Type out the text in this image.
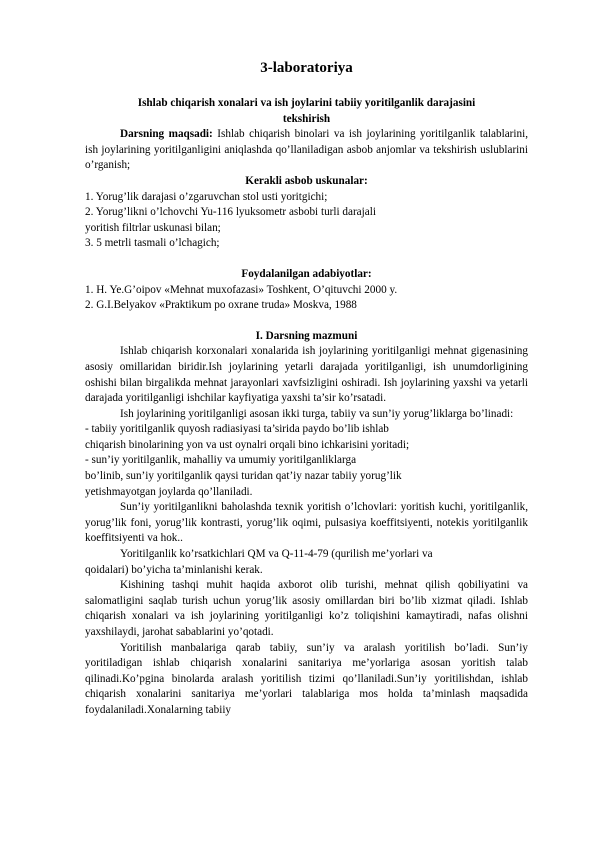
3-laboratoriya
Ishlab chiqarish xonalari va ish joylarini tabiiy yoritilganlik darajasini
tekshirish

Darsning maqsadi: Ishlab chiqarish binolari va ish joylarining yoritilganlik talablarini, ish joylarining yoritilganligini aniqlashda qo’llaniladigan asbob anjomlar va tekshirish uslublarini o’rganish;

Kerakli asbob uskunalar:
1. Yorug’lik darajasi o’zgaruvchan stol usti yoritgichi;
2. Yorug’likni o’lchovchi Yu-116 lyuksometr asbobi turli darajali
yoritish filtrlar uskunasi bilan;
3. 5 metrli tasmali o’lchagich;
Foydalanilgan adabiyotlar:
1. H. Ye.G’oipov «Mehnat muxofazasi» Toshkent, O’qituvchi 2000 y.
2. G.I.Belyakov «Praktikum po oxrane truda» Moskva, 1988
I. Darsning mazmuni

Ishlab chiqarish korxonalari xonalarida ish joylarining yoritilganligi mehnat gigenasining asosiy omillaridan biridir.Ish joylarining yetarli darajada yoritilganligi, ish unumdorligining oshishi bilan birgalikda mehnat jarayonlari xavfsizligini oshiradi. Ish joylarining yaxshi va yetarli darajada yoritilganligi ishchilar kayfiyatiga yaxshi ta’sir ko’rsatadi.

Ish joylarining yoritilganligi asosan ikki turga, tabiiy va sun’iy yorug’liklarga bo’linadi:

- tabiiy yoritilganlik quyosh radiasiyasi ta’sirida paydo bo’lib ishlab
chiqarish binolarining yon va ust oynalri orqali bino ichkarisini yoritadi;
- sun’iy yoritilganlik, mahalliy va umumiy yoritilganliklarga
bo’linib, sun’iy yoritilganlik qaysi turidan qat’iy nazar tabiiy yorug’lik
yetishmayotgan joylarda qo’llaniladi.

Sun’iy yoritilganlikni baholashda texnik yoritish o’lchovlari: yoritish kuchi, yoritilganlik, yorug’lik foni, yorug’lik kontrasti, yorug’lik oqimi, pulsasiya koeffitsiyenti, notekis yoritilganlik koeffitsiyenti va hok..

Yoritilganlik ko’rsatkichlari QM va Q-11-4-79 (qurilish me’yorlari va
qoidalari) bo’yicha ta’minlanishi kerak.

Kishining tashqi muhit haqida axborot olib turishi, mehnat qilish qobiliyatini va salomatligini saqlab turish uchun yorug’lik asosiy omillardan biri bo’lib xizmat qiladi. Ishlab chiqarish xonalari va ish joylarining yoritilganligi ko’z toliqishini kamaytiradi, nafas olishni yaxshilaydi, jarohat sabablarini yo’qotadi.

Yoritilish manbalariga qarab tabiiy, sun’iy va aralash yoritilish bo’ladi. Sun’iy yoritiladigan ishlab chiqarish xonalarini sanitariya me’yorlariga asosan yoritish talab qilinadi.Ko’pgina binolarda aralash yoritilish tizimi qo’llaniladi.Sun’iy yoritilishdan, ishlab chiqarish xonalarini sanitariya me’yorlari talablariga mos holda ta’minlash maqsadida foydalaniladi.Xonalarning tabiiy
